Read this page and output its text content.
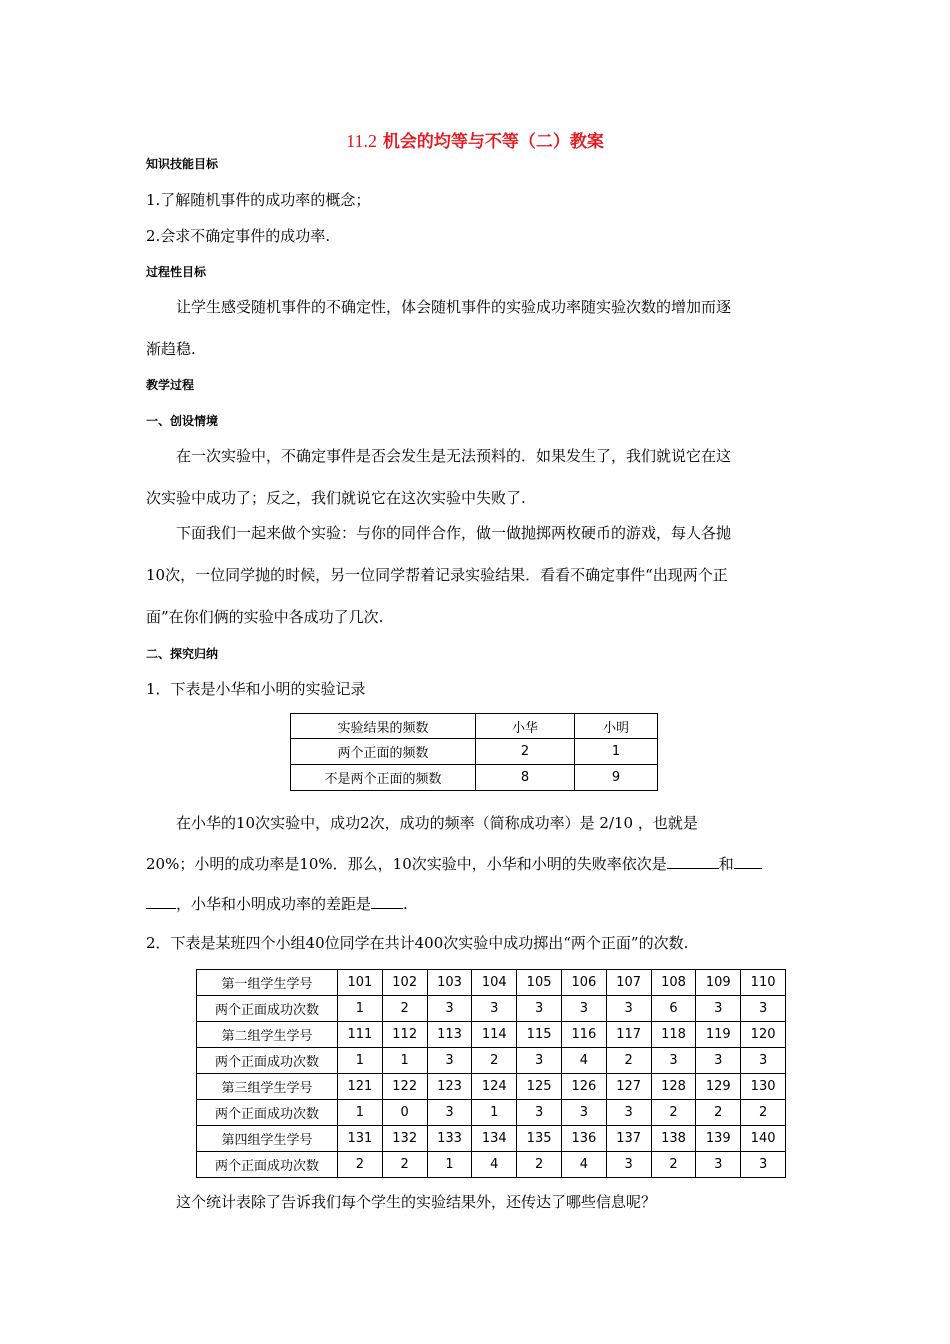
11.2 机会的均等与不等（二）教案
知识技能目标
1.了解随机事件的成功率的概念；
2.会求不确定事件的成功率.
过程性目标
让学生感受随机事件的不确定性，体会随机事件的实验成功率随实验次数的增加而逐
渐趋稳.
教学过程
一、创设情境
在一次实验中，不确定事件是否会发生是无法预料的．如果发生了，我们就说它在这
次实验中成功了；反之，我们就说它在这次实验中失败了.
下面我们一起来做个实验：与你的同伴合作，做一做抛掷两枚硬币的游戏，每人各抛
10次，一位同学抛的时候，另一位同学帮着记录实验结果．看看不确定事件“出现两个正
面”在你们俩的实验中各成功了几次.
二、探究归纳
1．下表是小华和小明的实验记录
实验结果的频数	小华	小明
两个正面的频数	2	1
不是两个正面的频数	8	9
在小华的10次实验中，成功2次，成功的频率（简称成功率）是 2/10 ，也就是
20%；小明的成功率是10%．那么，10次实验中，小华和小明的失败率依次是	和
，小华和小明成功率的差距是 .
2．下表是某班四个小组40位同学在共计400次实验中成功掷出“两个正面”的次数.
第一组学生学号	101	102	103	104	105	106	107	108	109	110
两个正面成功次数	1	2	3	3	3	3	3	6	3	3
第二组学生学号	111	112	113	114	115	116	117	118	119	120
两个正面成功次数	1	1	3	2	3	4	2	3	3	3
第三组学生学号	121	122	123	124	125	126	127	128	129	130
两个正面成功次数	1	0	3	1	3	3	3	2	2	2
第四组学生学号	131	132	133	134	135	136	137	138	139	140
两个正面成功次数	2	2	1	4	2	4	3	2	3	3
这个统计表除了告诉我们每个学生的实验结果外，还传达了哪些信息呢？
